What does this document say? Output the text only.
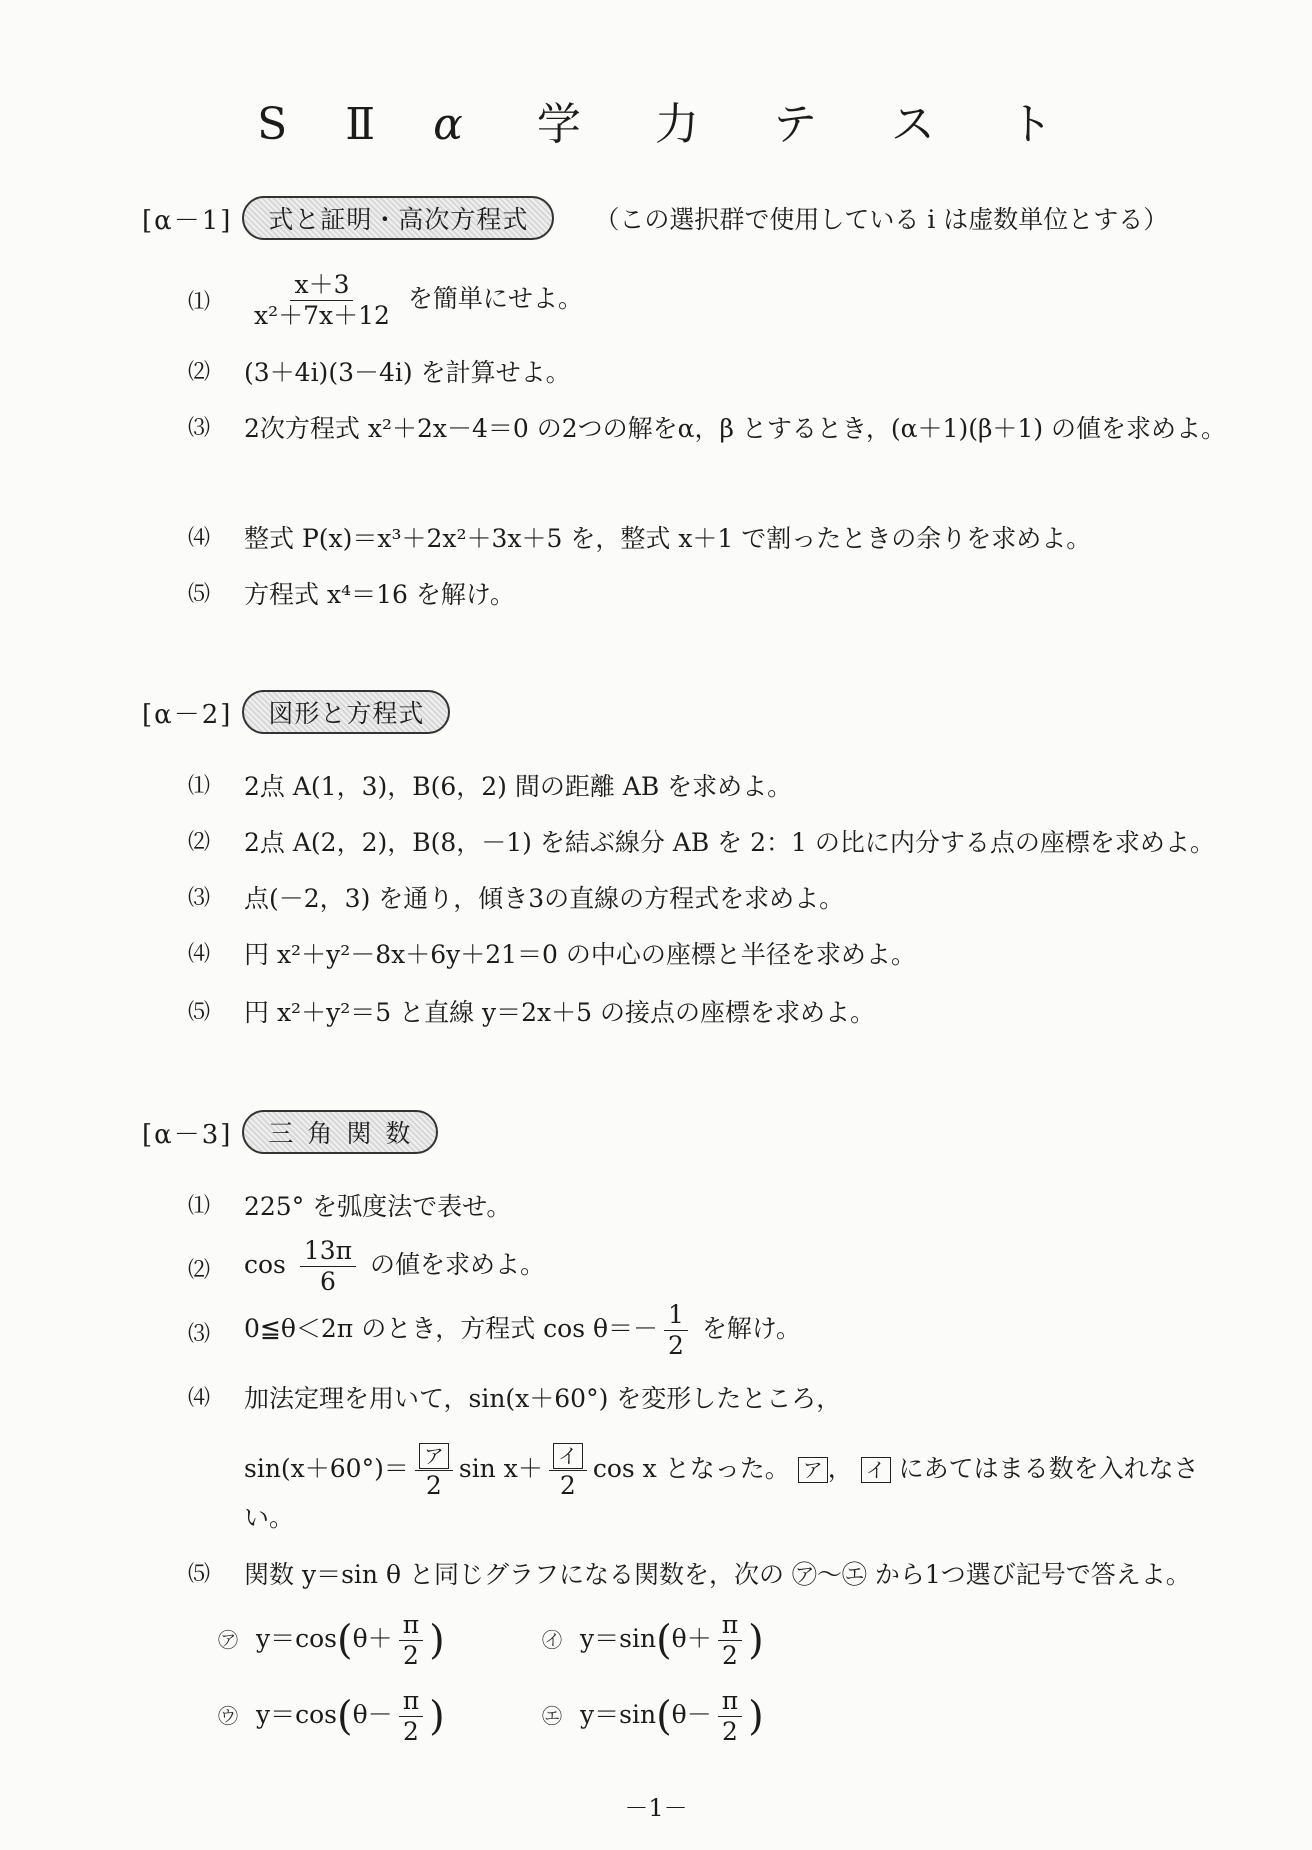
S Ⅱ α 学 力 テ ス ト
[α－1]	式と証明・高次方程式	（この選択群で使用している i は虚数単位とする）
⑴ $\frac{x+3}{\text{x²＋7x＋12}}$ を簡単にせよ。
⑵ (3＋4i)(3－4i) を計算せよ。
⑶ 2次方程式 x²＋2x－4＝0 の2つの解をα，β とするとき，(α＋1)(β＋1) の値を求めよ。
⑷ 整式 P(x)＝x³＋2x²＋3x＋5 を，整式 x＋1 で割ったときの余りを求めよ。
⑸ 方程式 x⁴＝16 を解け。
[α－2]	図形と方程式
⑴ 2点 A(1，3)，B(6，2) 間の距離 AB を求めよ。
⑵ 2点 A(2，2)，B(8，－1) を結ぶ線分 AB を 2：1 の比に内分する点の座標を求めよ。
⑶ 点(－2，3) を通り，傾き3の直線の方程式を求めよ。
⑷ 円 x²＋y²－8x＋6y＋21＝0 の中心の座標と半径を求めよ。
⑸ 円 x²＋y²＝5 と直線 y＝2x＋5 の接点の座標を求めよ。
[α－3]	三角関数
⑴ 225° を弧度法で表せ。
⑵ $\cos \frac{13\pi}{6}$ の値を求めよ。
⑶ 0≦θ＜2π のとき，方程式 $\cos \theta=- \frac{1}{2}$ を解け。
⑷ 加法定理を用いて，sin(x＋60°) を変形したところ，
$\sin(x+60^\circ)= \frac{\text{ア}}{2}$ $\sin x+ \frac{\text{イ}}{2}$ cos x となった。 ア ， イ にあてはまる数を入れなさい。
⑸ 関数 y＝sin θ と同じグラフになる関数を，次の ㋐～㋓ から1つ選び記号で答えよ。
㋐ $y=\cos(\theta+ \frac{\pi}{2}$ )	㋑ $y=\sin(\theta+ \frac{\pi}{2}$ )
㋒ $y=\cos(\theta- \frac{\pi}{2}$ )	㋓ $y=\sin(\theta- \frac{\pi}{2}$ )
－1－
